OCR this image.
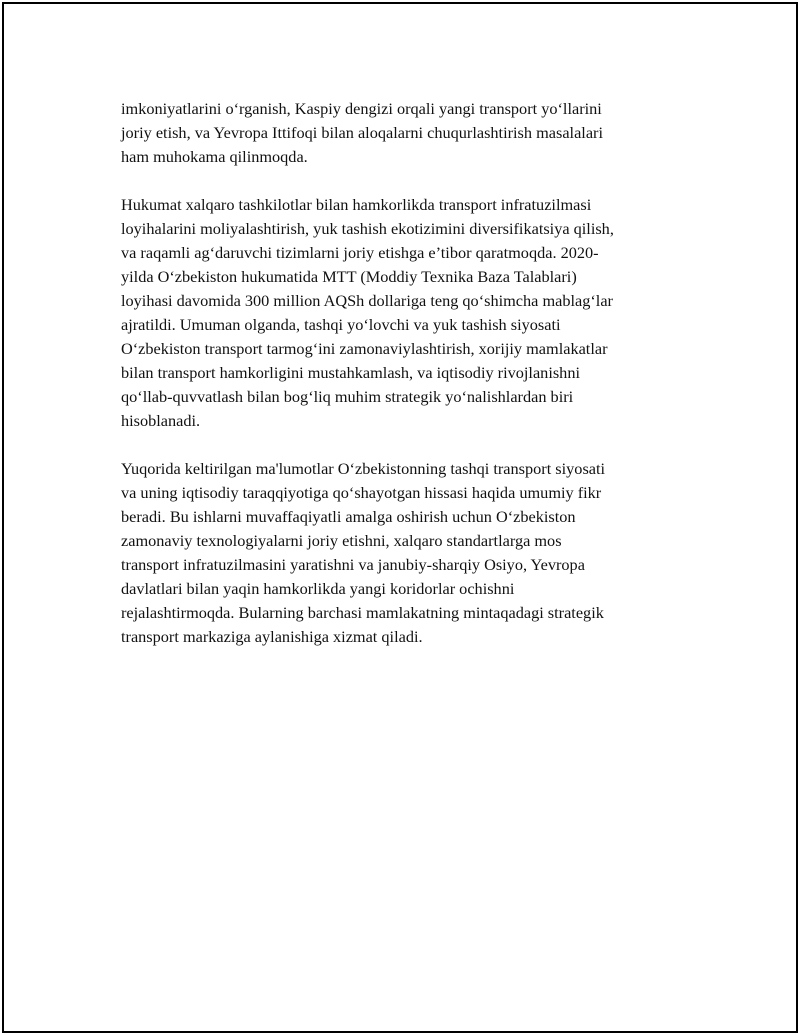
imkoniyatlarini o‘rganish, Kaspiy dengizi orqali yangi transport yo‘llarini
joriy etish, va Yevropa Ittifoqi bilan aloqalarni chuqurlashtirish masalalari
ham muhokama qilinmoqda.

Hukumat xalqaro tashkilotlar bilan hamkorlikda transport infratuzilmasi
loyihalarini moliyalashtirish, yuk tashish ekotizimini diversifikatsiya qilish,
va raqamli ag‘daruvchi tizimlarni joriy etishga e’tibor qaratmoqda. 2020-
yilda O‘zbekiston hukumatida MTT (Moddiy Texnika Baza Talablari)
loyihasi davomida 300 million AQSh dollariga teng qo‘shimcha mablag‘lar
ajratildi. Umuman olganda, tashqi yo‘lovchi va yuk tashish siyosati
O‘zbekiston transport tarmog‘ini zamonaviylashtirish, xorijiy mamlakatlar
bilan transport hamkorligini mustahkamlash, va iqtisodiy rivojlanishni
qo‘llab-quvvatlash bilan bog‘liq muhim strategik yo‘nalishlardan biri
hisoblanadi.

Yuqorida keltirilgan ma'lumotlar O‘zbekistonning tashqi transport siyosati
va uning iqtisodiy taraqqiyotiga qo‘shayotgan hissasi haqida umumiy fikr
beradi. Bu ishlarni muvaffaqiyatli amalga oshirish uchun O‘zbekiston
zamonaviy texnologiyalarni joriy etishni, xalqaro standartlarga mos
transport infratuzilmasini yaratishni va janubiy-sharqiy Osiyo, Yevropa
davlatlari bilan yaqin hamkorlikda yangi koridorlar ochishni
rejalashtirmoqda. Bularning barchasi mamlakatning mintaqadagi strategik
transport markaziga aylanishiga xizmat qiladi.
